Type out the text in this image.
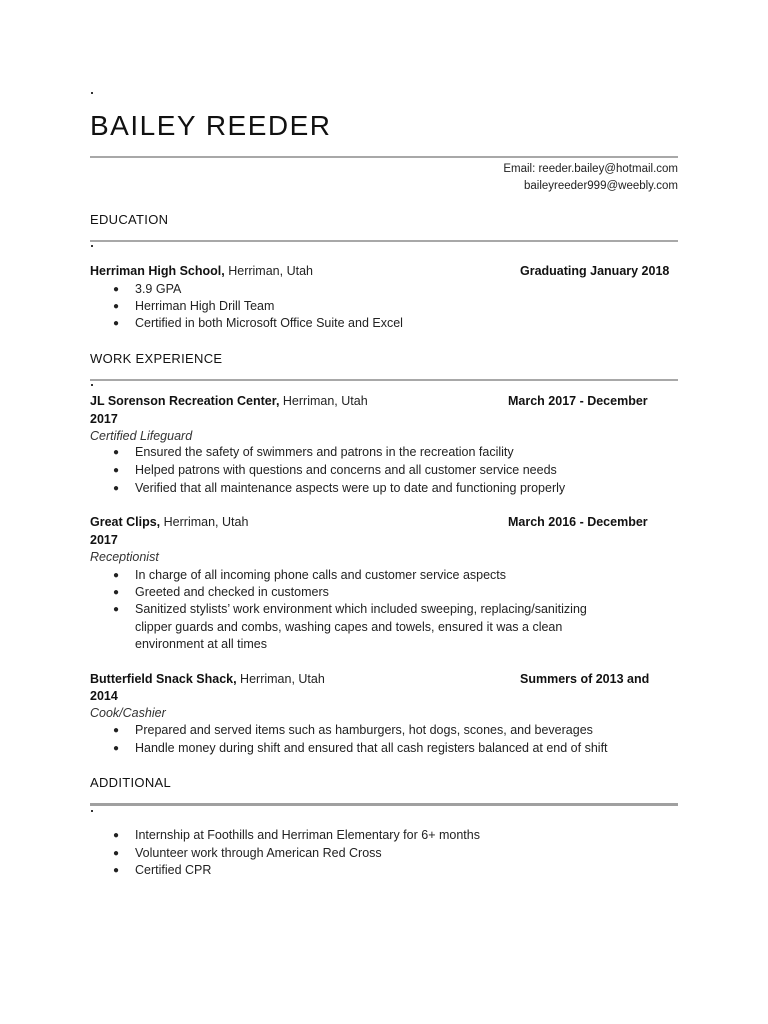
BAILEY REEDER
Email: reeder.bailey@hotmail.com
baileyreeder999@weebly.com
EDUCATION
Herriman High School, Herriman, Utah	Graduating January 2018
● 3.9 GPA
● Herriman High Drill Team
● Certified in both Microsoft Office Suite and Excel
WORK EXPERIENCE
JL Sorenson Recreation Center, Herriman, Utah	March 2017 - December
2017
Certified Lifeguard
● Ensured the safety of swimmers and patrons in the recreation facility
● Helped patrons with questions and concerns and all customer service needs
● Verified that all maintenance aspects were up to date and functioning properly
Great Clips, Herriman, Utah	March 2016 - December
2017
Receptionist
● In charge of all incoming phone calls and customer service aspects
● Greeted and checked in customers
● Sanitized stylists’ work environment which included sweeping, replacing/sanitizing
clipper guards and combs, washing capes and towels, ensured it was a clean
environment at all times
Butterfield Snack Shack, Herriman, Utah	Summers of 2013 and
2014
Cook/Cashier
● Prepared and served items such as hamburgers, hot dogs, scones, and beverages
● Handle money during shift and ensured that all cash registers balanced at end of shift
ADDITIONAL
● Internship at Foothills and Herriman Elementary for 6+ months
● Volunteer work through American Red Cross
● Certified CPR
